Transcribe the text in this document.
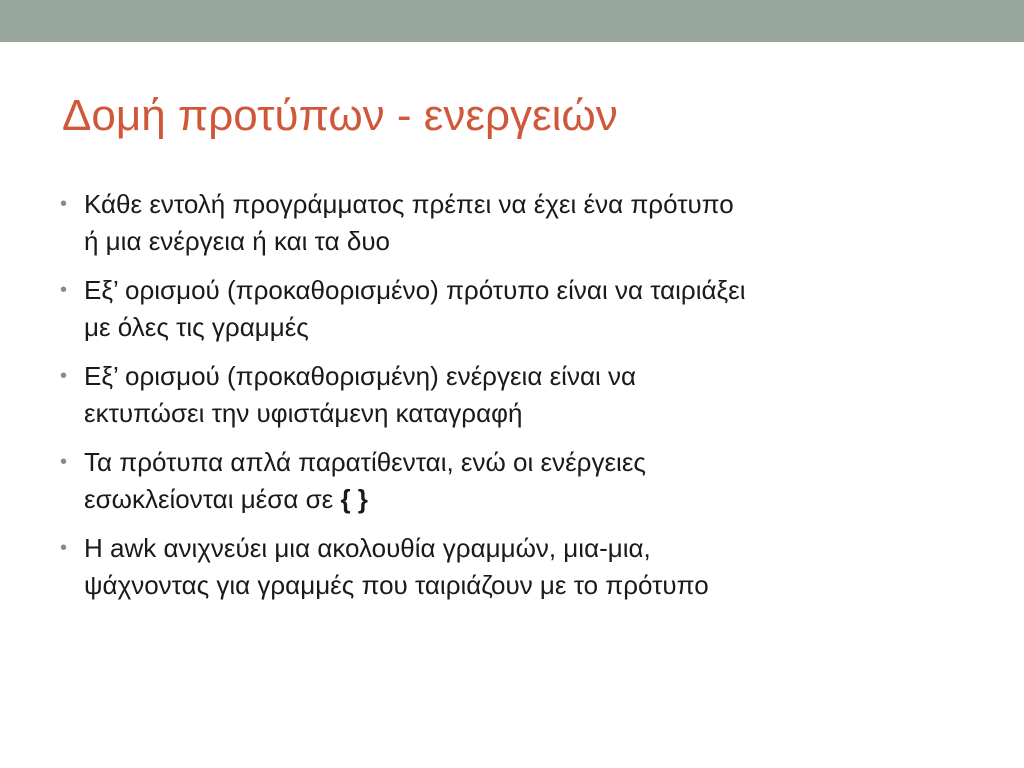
Δομή προτύπων - ενεργειών
• Κάθε εντολή προγράμματος πρέπει να έχει ένα πρότυπο
ή μια ενέργεια ή και τα δυο
• Εξ’ ορισμού (προκαθορισμένο) πρότυπο είναι να ταιριάξει
με όλες τις γραμμές
• Εξ’ ορισμού (προκαθορισμένη) ενέργεια είναι να
εκτυπώσει την υφιστάμενη καταγραφή
• Τα πρότυπα απλά παρατίθενται, ενώ οι ενέργειες
εσωκλείονται μέσα σε { }
• Η awk ανιχνεύει μια ακολουθία γραμμών, μια-μια,
ψάχνοντας για γραμμές που ταιριάζουν με το πρότυπο
